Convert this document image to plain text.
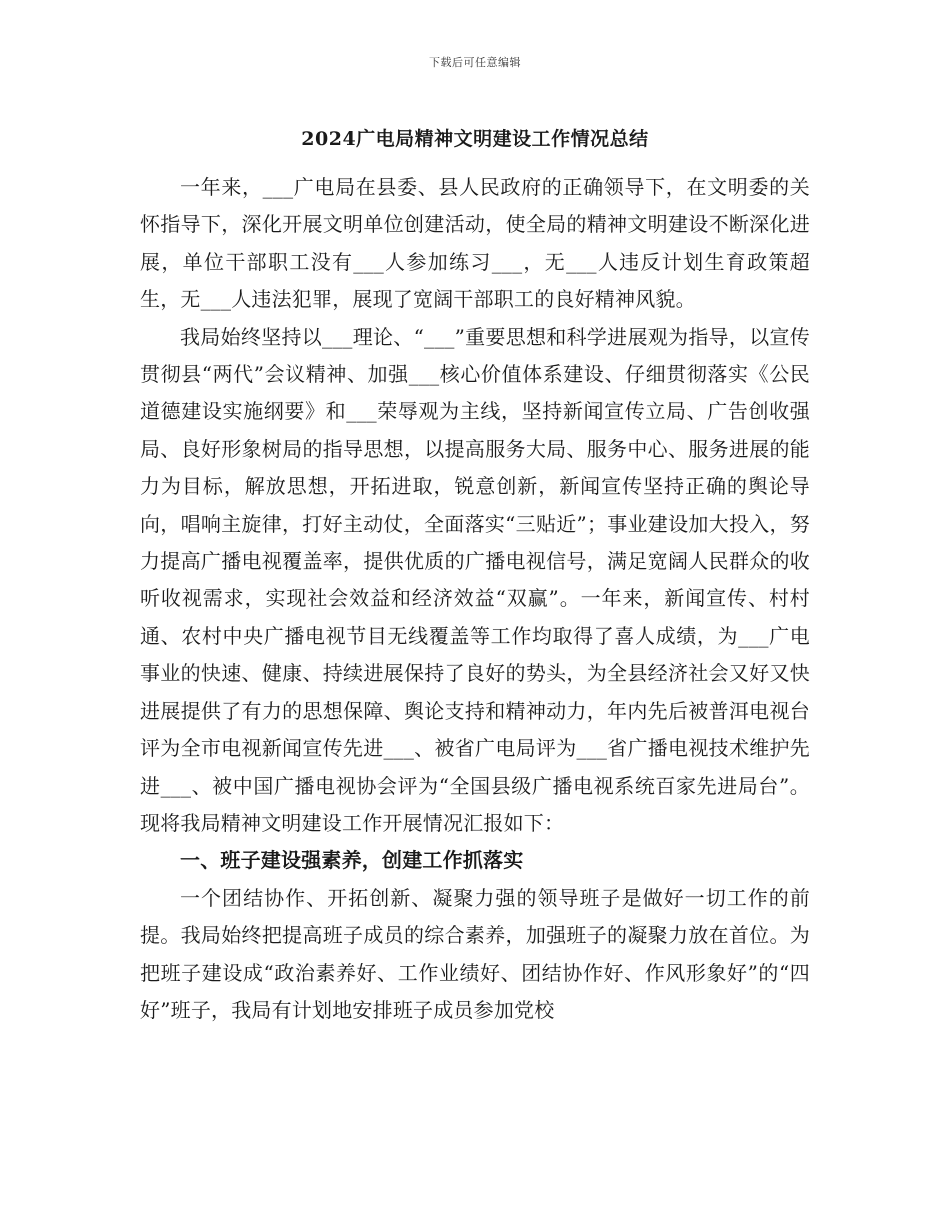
下载后可任意编辑
2024广电局精神文明建设工作情况总结

一年来，___广电局在县委、县人民政府的正确领导下，在文明委的关怀指导下，深化开展文明单位创建活动，使全局的精神文明建设不断深化进展，单位干部职工没有___人参加练习___，无___人违反计划生育政策超生，无___人违法犯罪，展现了宽阔干部职工的良好精神风貌。

我局始终坚持以___理论、“___”重要思想和科学进展观为指导，以宣传贯彻县“两代”会议精神、加强___核心价值体系建设、仔细贯彻落实《公民道德建设实施纲要》和___荣辱观为主线，坚持新闻宣传立局、广告创收强局、良好形象树局的指导思想，以提高服务大局、服务中心、服务进展的能力为目标，解放思想，开拓进取，锐意创新，新闻宣传坚持正确的舆论导向，唱响主旋律，打好主动仗，全面落实“三贴近”；事业建设加大投入，努力提高广播电视覆盖率，提供优质的广播电视信号，满足宽阔人民群众的收听收视需求，实现社会效益和经济效益“双赢”。一年来，新闻宣传、村村通、农村中央广播电视节目无线覆盖等工作均取得了喜人成绩，为___广电事业的快速、健康、持续进展保持了良好的势头，为全县经济社会又好又快进展提供了有力的思想保障、舆论支持和精神动力，年内先后被普洱电视台评为全市电视新闻宣传先进___、被省广电局评为___省广播电视技术维护先进___、被中国广播电视协会评为“全国县级广播电视系统百家先进局台”。现将我局精神文明建设工作开展情况汇报如下：

一、班子建设强素养，创建工作抓落实

一个团结协作、开拓创新、凝聚力强的领导班子是做好一切工作的前提。我局始终把提高班子成员的综合素养，加强班子的凝聚力放在首位。为把班子建设成“政治素养好、工作业绩好、团结协作好、作风形象好”的“四好”班子，我局有计划地安排班子成员参加党校
